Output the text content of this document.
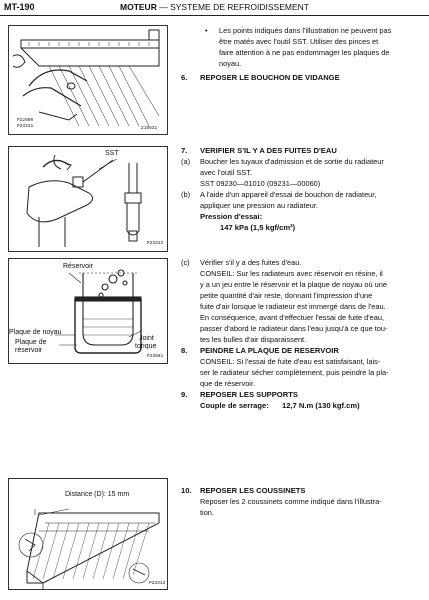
MT-190	MOTEUR — SYSTEME DE REFROIDISSEMENT
P22890
P23311	Z19531
SST
P23312
Réservoir
Plaque de noyau
Plaque de
réservoir
Joint
torique
P23561
Distance (D): 15 mm
P23313
• Les points indiqués dans l'illustration ne peuvent pas
être matés avec l'outil SST. Utiliser des pinces et
faire attention à ne pas endommager les plaques de
noyau.
6. REPOSER LE BOUCHON DE VIDANGE
7. VERIFIER S'IL Y A DES FUITES D'EAU
(a) Boucher les tuyaux d'admission et de sortie du radiateur
avec l'outil SST.
SST 09230—01010 (09231—00060)
(b) A l'aide d'un appareil d'essai de bouchon de radiateur,
appliquer une pression au radiateur.
Pression d'essai:
147 kPa (1,5 kgf/cm²)
(c) Vérifier s'il y a des fuites d'eau.
CONSEIL: Sur les radiateurs avec réservoir en résine, il
y a un jeu entre le réservoir et la plaque de noyau où une
petite quantité d'air reste, donnant l'impression d'une
fuite d'air lorsque le radiateur est immergé dans de l'eau.
En conséquence, avant d'effectuer l'essai de fuite d'eau,
passer d'abord le radiateur dans l'eau jusqu'à ce que tou-
tes les bulles d'air disparaissent.
8. PEINDRE LA PLAQUE DE RESERVOIR
CONSEIL: Si l'essai de fuite d'eau est satisfaisant, lais-
ser le radiateur sécher complètement, puis peindre la pla-
que de réservoir.
9. REPOSER LES SUPPORTS
Couple de serrage: 12,7 N.m (130 kgf.cm)
10. REPOSER LES COUSSINETS
Reposer les 2 coussinets comme indiqué dans l'illustra-
tion.
